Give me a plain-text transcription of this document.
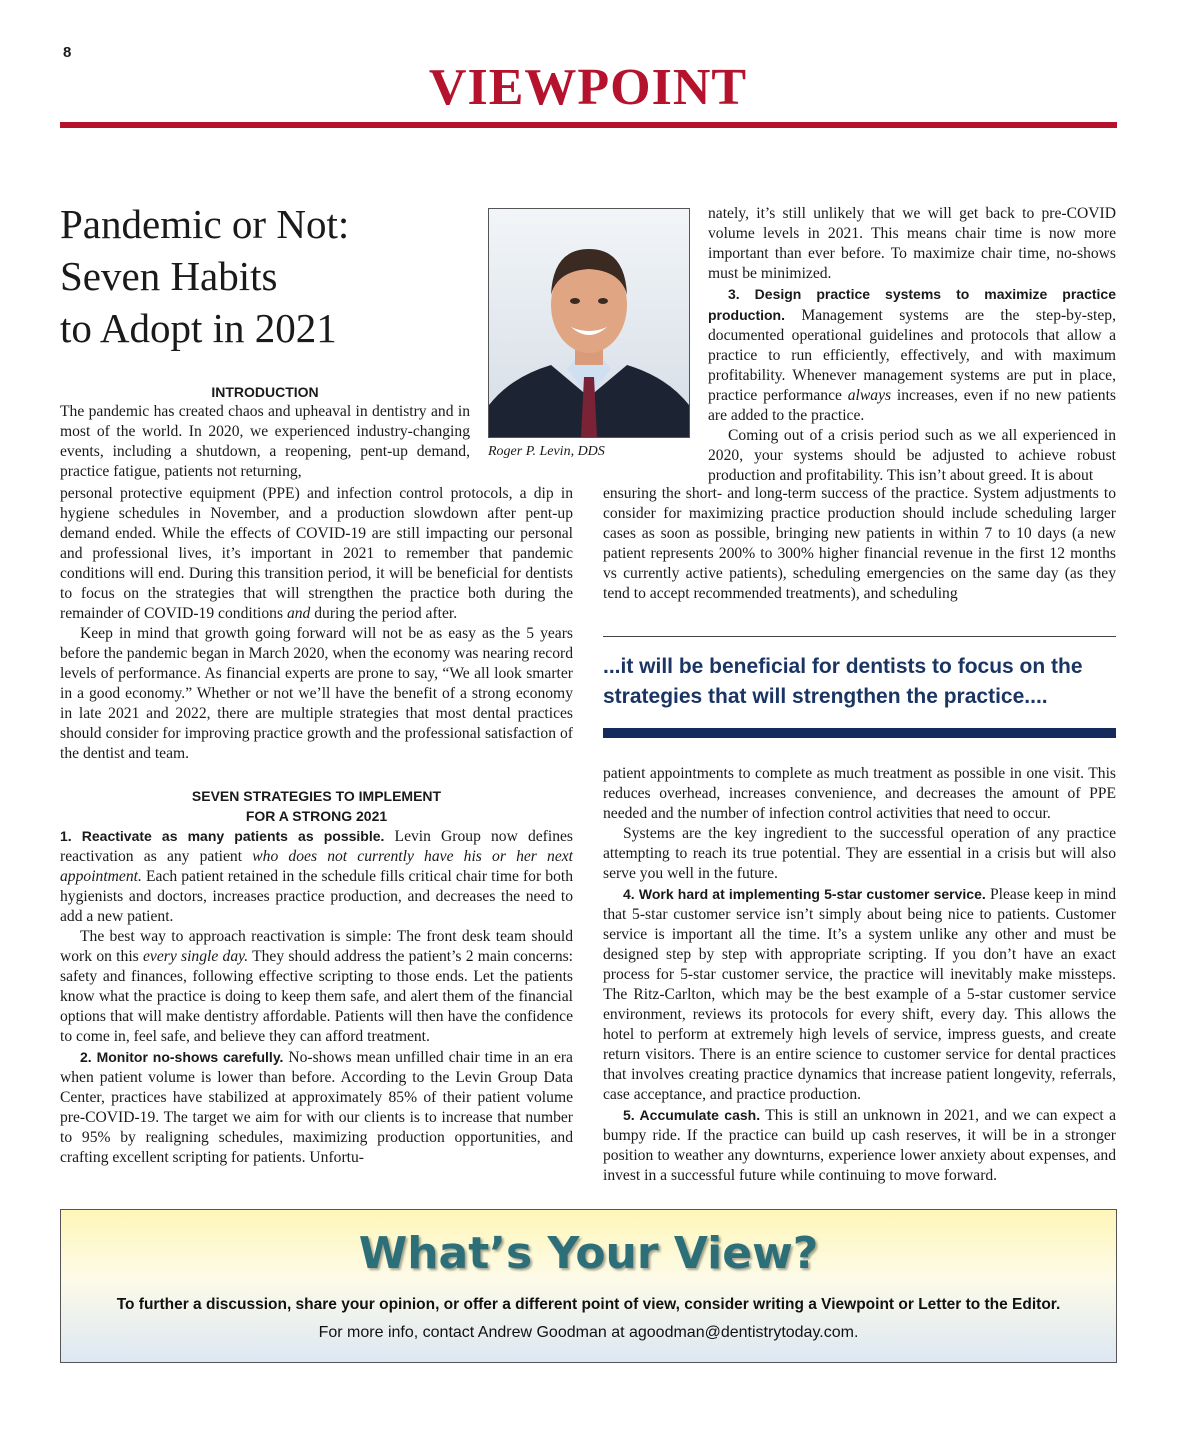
8
VIEWPOINT
Pandemic or Not:
Seven Habits
to Adopt in 2021
Roger P. Levin, DDS
INTRODUCTION

The pandemic has created chaos and upheaval in dentistry and in most of the world. In 2020, we experienced industry-changing events, including a shutdown, a reopening, pent-up demand, practice fatigue, patients not returning,

personal protective equipment (PPE) and infection control protocols, a dip in hygiene schedules in November, and a production slowdown after pent-up demand ended. While the effects of COVID-19 are still impacting our personal and professional lives, it’s important in 2021 to remember that pandemic conditions will end. During this transition period, it will be beneficial for dentists to focus on the strategies that will strengthen the practice both during the remainder of COVID-19 conditions and during the period after.

Keep in mind that growth going forward will not be as easy as the 5 years before the pandemic began in March 2020, when the economy was nearing record levels of performance. As financial experts are prone to say, “We all look smarter in a good economy.” Whether or not we’ll have the benefit of a strong economy in late 2021 and 2022, there are multiple strategies that most dental practices should consider for improving practice growth and the professional satisfaction of the dentist and team.

SEVEN STRATEGIES TO IMPLEMENT
FOR A STRONG 2021

1. Reactivate as many patients as possible. Levin Group now defines reactivation as any patient who does not currently have his or her next appointment. Each patient retained in the schedule fills critical chair time for both hygienists and doctors, increases practice production, and decreases the need to add a new patient.

The best way to approach reactivation is simple: The front desk team should work on this every single day. They should address the patient’s 2 main concerns: safety and finances, following effective scripting to those ends. Let the patients know what the practice is doing to keep them safe, and alert them of the financial options that will make dentistry affordable. Patients will then have the confidence to come in, feel safe, and believe they can afford treatment.

2. Monitor no-shows carefully. No-shows mean unfilled chair time in an era when patient volume is lower than before. According to the Levin Group Data Center, practices have stabilized at approximately 85% of their patient volume pre-COVID-19. The target we aim for with our clients is to increase that number to 95% by realigning schedules, maximizing production opportunities, and crafting excellent scripting for patients. Unfortu-

nately, it’s still unlikely that we will get back to pre-COVID volume levels in 2021. This means chair time is now more important than ever before. To maximize chair time, no-shows must be minimized.

3. Design practice systems to maximize practice production. Management systems are the step-by-step, documented operational guidelines and protocols that allow a practice to run efficiently, effectively, and with maximum profitability. Whenever management systems are put in place, practice performance always increases, even if no new patients are added to the practice.

Coming out of a crisis period such as we all experienced in 2020, your systems should be adjusted to achieve robust production and profitability. This isn’t about greed. It is about

ensuring the short- and long-term success of the practice. System adjustments to consider for maximizing practice production should include scheduling larger cases as soon as possible, bringing new patients in within 7 to 10 days (a new patient represents 200% to 300% higher financial revenue in the first 12 months vs currently active patients), scheduling emergencies on the same day (as they tend to accept recommended treatments), and scheduling

...it will be beneficial for dentists to focus on the strategies that will strengthen the practice....

patient appointments to complete as much treatment as possible in one visit. This reduces overhead, increases convenience, and decreases the amount of PPE needed and the number of infection control activities that need to occur.

Systems are the key ingredient to the successful operation of any practice attempting to reach its true potential. They are essential in a crisis but will also serve you well in the future.

4. Work hard at implementing 5-star customer service. Please keep in mind that 5-star customer service isn’t simply about being nice to patients. Customer service is important all the time. It’s a system unlike any other and must be designed step by step with appropriate scripting. If you don’t have an exact process for 5-star customer service, the practice will inevitably make missteps. The Ritz-Carlton, which may be the best example of a 5-star customer service environment, reviews its protocols for every shift, every day. This allows the hotel to perform at extremely high levels of service, impress guests, and create return visitors. There is an entire science to customer service for dental practices that involves creating practice dynamics that increase patient longevity, referrals, case acceptance, and practice production.

5. Accumulate cash. This is still an unknown in 2021, and we can expect a bumpy ride. If the practice can build up cash reserves, it will be in a stronger position to weather any downturns, experience lower anxiety about expenses, and invest in a successful future while continuing to move forward.

What’s Your View?
To further a discussion, share your opinion, or offer a different point of view, consider writing a Viewpoint or Letter to the Editor.
For more info, contact Andrew Goodman at agoodman@dentistrytoday.com.
